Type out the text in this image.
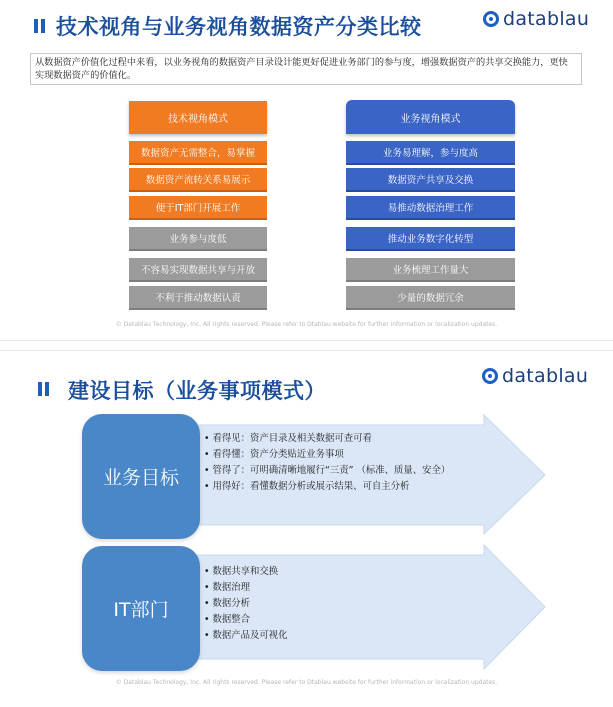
技术视角与业务视角数据资产分类比较	datablau
从数据资产价值化过程中来看，以业务视角的数据资产目录设计能更好促进业务部门的参与度，增强数据资产的共享交换能力，更快实现数据资产的价值化。
技术视角模式
数据资产无需整合，易掌握
数据资产流转关系易展示
便于IT部门开展工作
业务参与度低
不容易实现数据共享与开放
不利于推动数据认责
业务视角模式
业务易理解，参与度高
数据资产共享及交换
易推动数据治理工作
推动业务数字化转型
业务梳理工作量大
少量的数据冗余
© Datablau Technology, Inc. All rights reserved. Please refer to Dtablau website for further information or localization updates.
建设目标（业务事项模式）
datablau
业务目标
• 看得见：资产目录及相关数据可查可看
• 看得懂：资产分类贴近业务事项
• 管得了：可明确清晰地履行“三责” （标准、质量、安全）
• 用得好：看懂数据分析或展示结果、可自主分析
IT部门
• 数据共享和交换
• 数据治理
• 数据分析
• 数据整合
• 数据产品及可视化
© Datablau Technology, Inc. All rights reserved. Please refer to Dtablau website for further information or localization updates.
